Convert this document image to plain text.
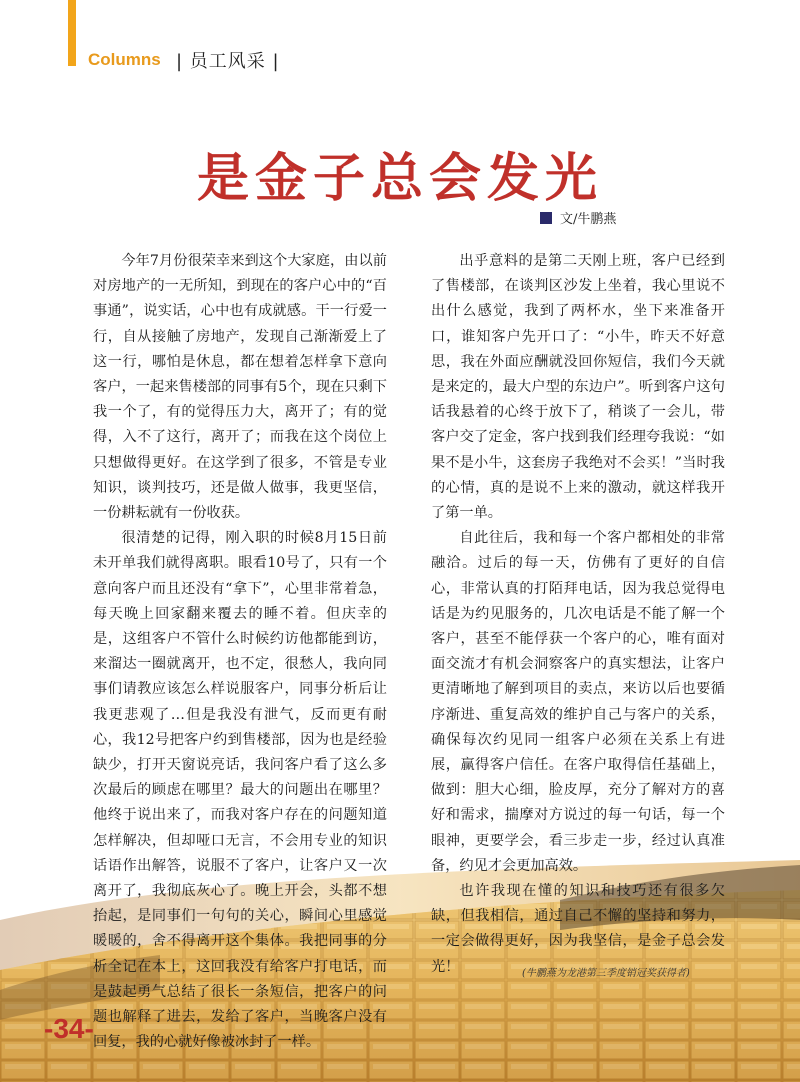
Columns | 员工风采 |
是金子总会发光
文/牛鹏燕

今年7月份很荣幸来到这个大家庭，由以前对房地产的一无所知，到现在的客户心中的“百事通”，说实话，心中也有成就感。干一行爱一行，自从接触了房地产，发现自己渐渐爱上了这一行，哪怕是休息，都在想着怎样拿下意向客户，一起来售楼部的同事有5个，现在只剩下我一个了，有的觉得压力大，离开了；有的觉得，入不了这行，离开了；而我在这个岗位上只想做得更好。在这学到了很多，不管是专业知识，谈判技巧，还是做人做事，我更坚信，一份耕耘就有一份收获。

很清楚的记得，刚入职的时候8月15日前未开单我们就得离职。眼看10号了，只有一个意向客户而且还没有“拿下”，心里非常着急，每天晚上回家翻来覆去的睡不着。但庆幸的是，这组客户不管什么时候约访他都能到访，来溜达一圈就离开，也不定，很愁人，我向同事们请教应该怎么样说服客户，同事分析后让我更悲观了…但是我没有泄气，反而更有耐心，我12号把客户约到售楼部，因为也是经验缺少，打开天窗说亮话，我问客户看了这么多次最后的顾虑在哪里？最大的问题出在哪里？他终于说出来了，而我对客户存在的问题知道怎样解决，但却哑口无言，不会用专业的知识话语作出解答，说服不了客户，让客户又一次离开了，我彻底灰心了。晚上开会，头都不想抬起，是同事们一句句的关心，瞬间心里感觉暖暖的，舍不得离开这个集体。我把同事的分析全记在本上，这回我没有给客户打电话，而是鼓起勇气总结了很长一条短信，把客户的问题也解释了进去，发给了客户，当晚客户没有回复，我的心就好像被冰封了一样。

出乎意料的是第二天刚上班，客户已经到了售楼部，在谈判区沙发上坐着，我心里说不出什么感觉，我到了两杯水，坐下来准备开口，谁知客户先开口了：“小牛，昨天不好意思，我在外面应酬就没回你短信，我们今天就是来定的，最大户型的东边户”。听到客户这句话我悬着的心终于放下了，稍谈了一会儿，带客户交了定金，客户找到我们经理夸我说：“如果不是小牛，这套房子我绝对不会买！”当时我的心情，真的是说不上来的激动，就这样我开了第一单。

自此往后，我和每一个客户都相处的非常融洽。过后的每一天，仿佛有了更好的自信心，非常认真的打陌拜电话，因为我总觉得电话是为约见服务的，几次电话是不能了解一个客户，甚至不能俘获一个客户的心，唯有面对面交流才有机会洞察客户的真实想法，让客户更清晰地了解到项目的卖点，来访以后也要循序渐进、重复高效的维护自己与客户的关系，确保每次约见同一组客户必须在关系上有进展，赢得客户信任。在客户取得信任基础上，做到：胆大心细，脸皮厚，充分了解对方的喜好和需求，揣摩对方说过的每一句话，每一个眼神，更要学会，看三步走一步，经过认真准备，约见才会更加高效。

也许我现在懂的知识和技巧还有很多欠缺，但我相信，通过自己不懈的坚持和努力，一定会做得更好，因为我坚信，是金子总会发光！	(牛鹏燕为龙港第三季度销冠奖获得者)
-34-
